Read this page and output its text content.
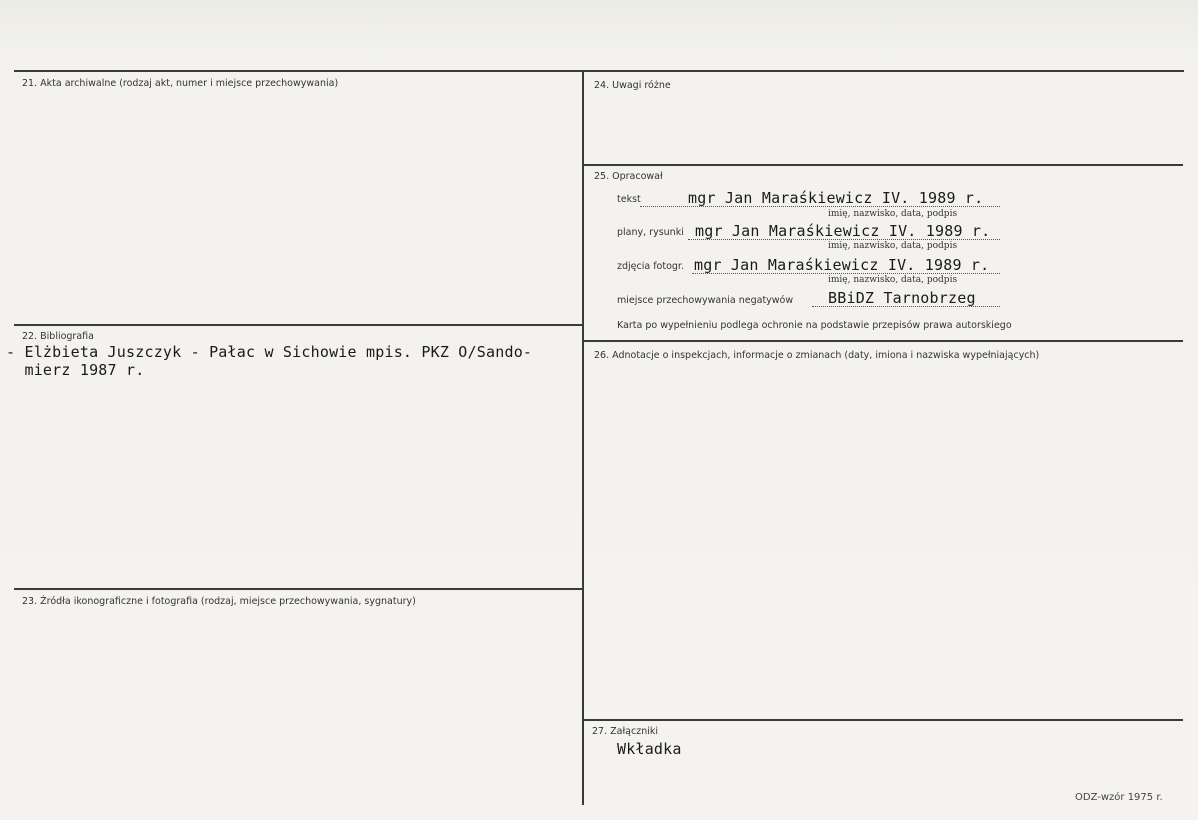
21. Akta archiwalne (rodzaj akt, numer i miejsce przechowywania)
22. Bibliografia
- Elżbieta Juszczyk - Pałac w Sichowie mpis. PKZ O/Sando-
mierz 1987 r.
23. Źródła ikonograficzne i fotografia (rodzaj, miejsce przechowywania, sygnatury)
24. Uwagi różne
25. Opracował
tekst	mgr Jan Maraśkiewicz IV. 1989 r.
imię, nazwisko, data, podpis
plany, rysunki mgr Jan Maraśkiewicz IV. 1989 r.
imię, nazwisko, data, podpis
zdjęcia fotogr. mgr Jan Maraśkiewicz IV. 1989 r.
imię, nazwisko, data, podpis
miejsce przechowywania negatywów BBiDZ Tarnobrzeg
Karta po wypełnieniu podlega ochronie na podstawie przepisów prawa autorskiego
26. Adnotacje o inspekcjach, informacje o zmianach (daty, imiona i nazwiska wypełniających)
27. Załączniki
Wkładka
ODZ-wzór 1975 r.
